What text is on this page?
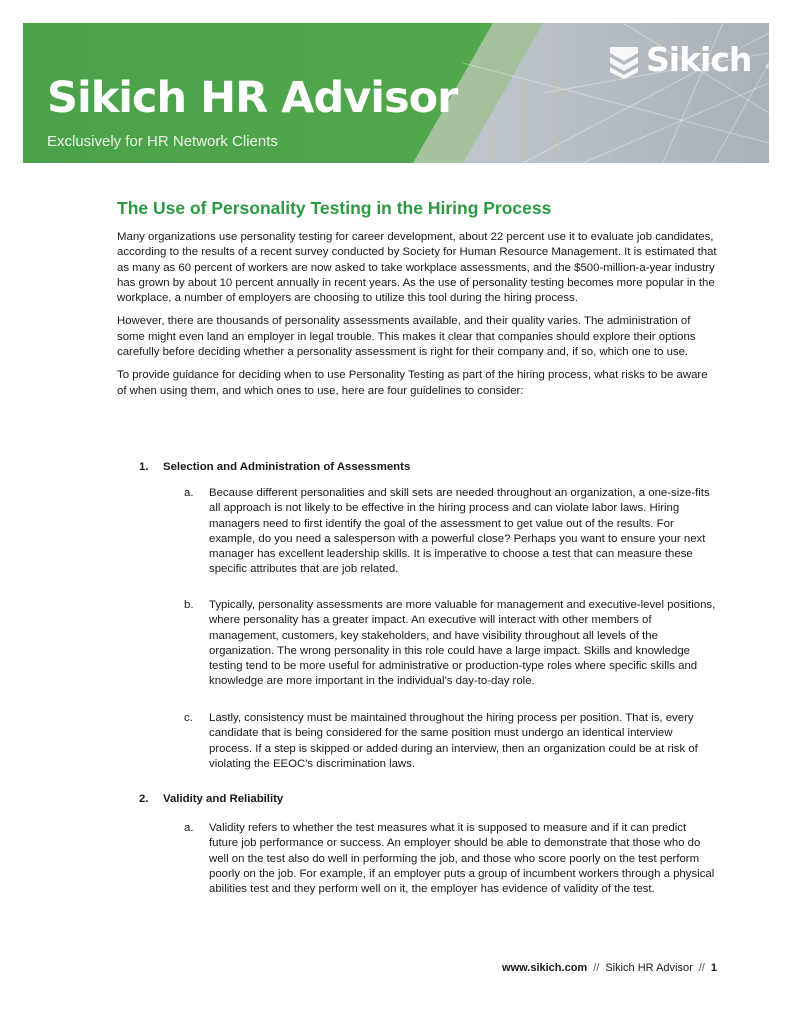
Sikich ®
Sikich HR Advisor
Exclusively for HR Network Clients
The Use of Personality Testing in the Hiring Process

Many organizations use personality testing for career development, about 22 percent use it to evaluate job candidates, according to the results of a recent survey conducted by Society for Human Resource Management. It is estimated that as many as 60 percent of workers are now asked to take workplace assessments, and the $500-million-a-year industry has grown by about 10 percent annually in recent years. As the use of personality testing becomes more popular in the workplace, a number of employers are choosing to utilize this tool during the hiring process.

However, there are thousands of personality assessments available, and their quality varies. The administration of some might even land an employer in legal trouble. This makes it clear that companies should explore their options carefully before deciding whether a personality assessment is right for their company and, if so, which one to use.

To provide guidance for deciding when to use Personality Testing as part of the hiring process, what risks to be aware of when using them, and which ones to use, here are four guidelines to consider:

1. Selection and Administration of Assessments
a. Because different personalities and skill sets are needed throughout an organization, a one-size-fits all approach is not likely to be effective in the hiring process and can violate labor laws. Hiring managers need to first identify the goal of the assessment to get value out of the results. For example, do you need a salesperson with a powerful close? Perhaps you want to ensure your next manager has excellent leadership skills. It is imperative to choose a test that can measure these specific attributes that are job related.
b. Typically, personality assessments are more valuable for management and executive-level positions, where personality has a greater impact. An executive will interact with other members of management, customers, key stakeholders, and have visibility throughout all levels of the organization. The wrong personality in this role could have a large impact. Skills and knowledge testing tend to be more useful for administrative or production-type roles where specific skills and knowledge are more important in the individual's day-to-day role.
c. Lastly, consistency must be maintained throughout the hiring process per position. That is, every candidate that is being considered for the same position must undergo an identical interview process. If a step is skipped or added during an interview, then an organization could be at risk of violating the EEOC's discrimination laws.
2. Validity and Reliability
a. Validity refers to whether the test measures what it is supposed to measure and if it can predict future job performance or success. An employer should be able to demonstrate that those who do well on the test also do well in performing the job, and those who score poorly on the test perform poorly on the job. For example, if an employer puts a group of incumbent workers through a physical abilities test and they perform well on it, the employer has evidence of validity of the test.
www.sikich.com // Sikich HR Advisor // 1
